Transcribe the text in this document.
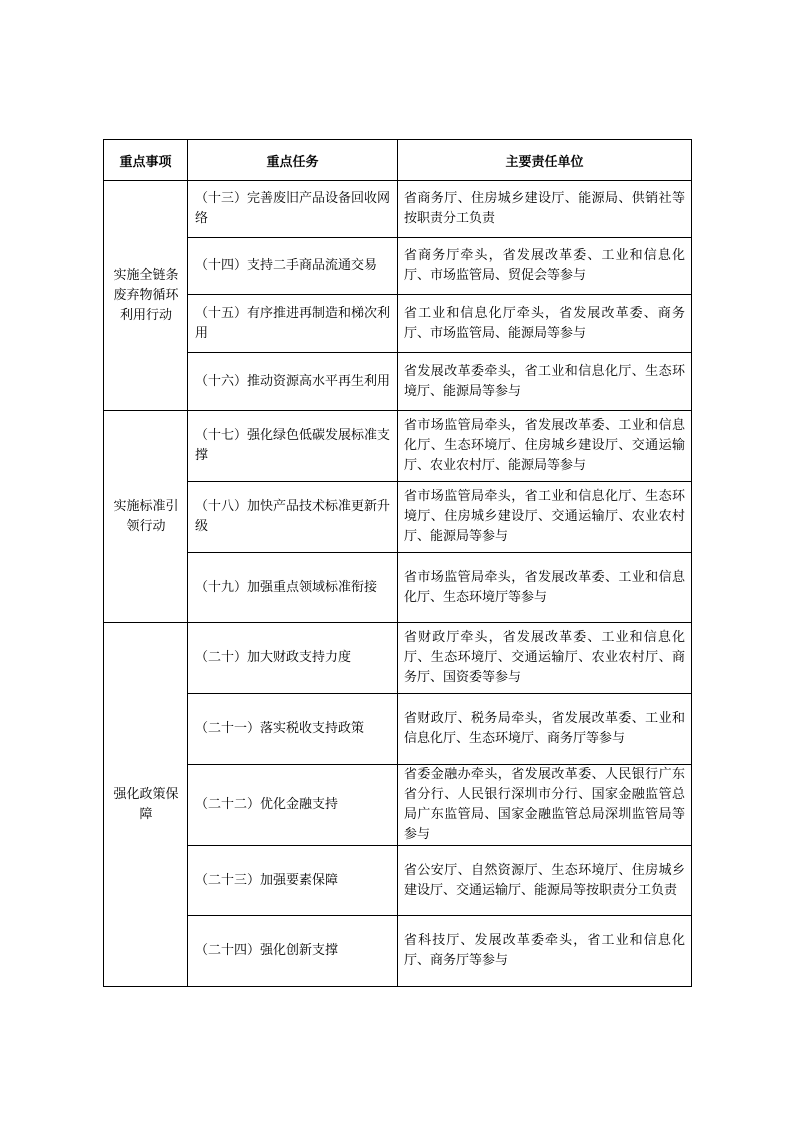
重点事项	重点任务	主要责任单位
实施全链条废弃物循环利用行动	（十三）完善废旧产品设备回收网络	省商务厅、住房城乡建设厅、能源局、供销社等按职责分工负责
	（十四）支持二手商品流通交易	省商务厅牵头，省发展改革委、工业和信息化厅、市场监管局、贸促会等参与
	（十五）有序推进再制造和梯次利用	省工业和信息化厅牵头，省发展改革委、商务厅、市场监管局、能源局等参与
	（十六）推动资源高水平再生利用	省发展改革委牵头，省工业和信息化厅、生态环境厅、能源局等参与
实施标准引领行动	（十七）强化绿色低碳发展标准支撑	省市场监管局牵头，省发展改革委、工业和信息化厅、生态环境厅、住房城乡建设厅、交通运输厅、农业农村厅、能源局等参与
	（十八）加快产品技术标准更新升级	省市场监管局牵头，省工业和信息化厅、生态环境厅、住房城乡建设厅、交通运输厅、农业农村厅、能源局等参与
	（十九）加强重点领域标准衔接	省市场监管局牵头，省发展改革委、工业和信息化厅、生态环境厅等参与
强化政策保障	（二十）加大财政支持力度	省财政厅牵头，省发展改革委、工业和信息化厅、生态环境厅、交通运输厅、农业农村厅、商务厅、国资委等参与
	（二十一）落实税收支持政策	省财政厅、税务局牵头，省发展改革委、工业和信息化厅、生态环境厅、商务厅等参与
	（二十二）优化金融支持	省委金融办牵头，省发展改革委、人民银行广东省分行、人民银行深圳市分行、国家金融监管总局广东监管局、国家金融监管总局深圳监管局等参与
	（二十三）加强要素保障	省公安厅、自然资源厅、生态环境厅、住房城乡建设厅、交通运输厅、能源局等按职责分工负责
	（二十四）强化创新支撑	省科技厅、发展改革委牵头，省工业和信息化厅、商务厅等参与
